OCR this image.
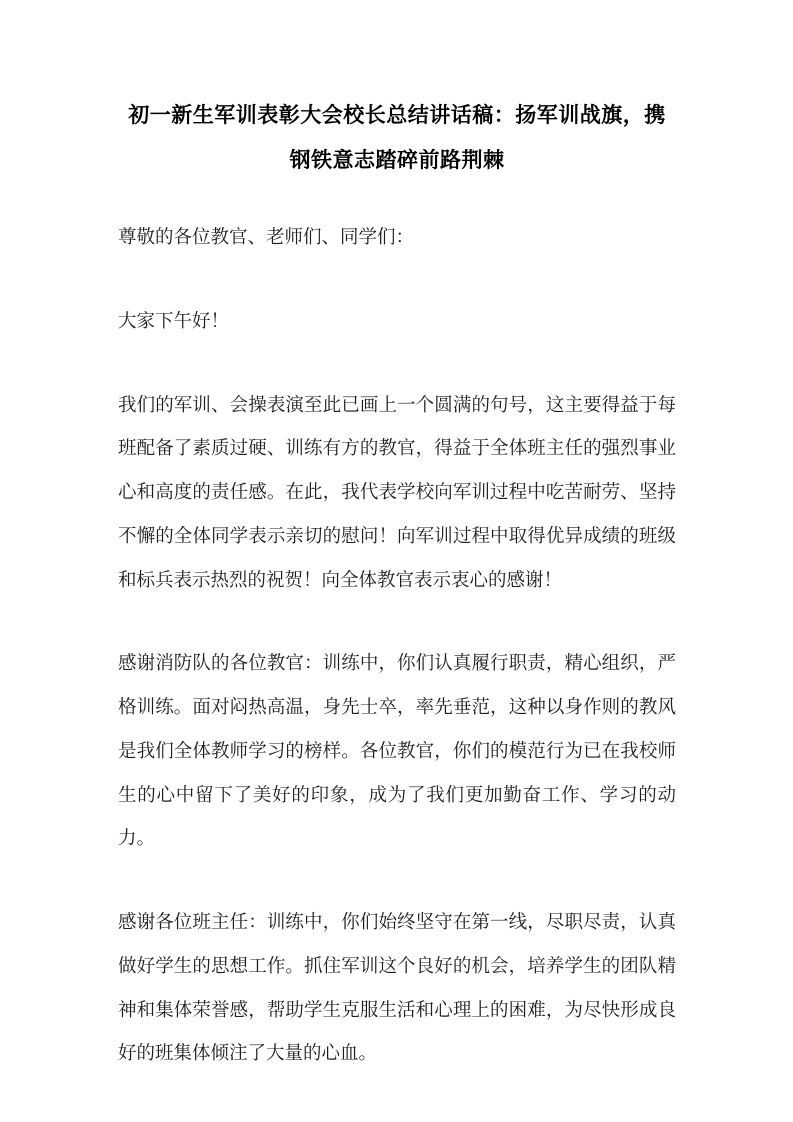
初一新生军训表彰大会校长总结讲话稿：扬军训战旗，携钢铁意志踏碎前路荆棘

尊敬的各位教官、老师们、同学们：

大家下午好！

我们的军训、会操表演至此已画上一个圆满的句号，这主要得益于每班配备了素质过硬、训练有方的教官，得益于全体班主任的强烈事业心和高度的责任感。在此，我代表学校向军训过程中吃苦耐劳、坚持不懈的全体同学表示亲切的慰问！向军训过程中取得优异成绩的班级和标兵表示热烈的祝贺！向全体教官表示衷心的感谢！

感谢消防队的各位教官：训练中，你们认真履行职责，精心组织，严格训练。面对闷热高温，身先士卒，率先垂范，这种以身作则的教风是我们全体教师学习的榜样。各位教官，你们的模范行为已在我校师生的心中留下了美好的印象，成为了我们更加勤奋工作、学习的动力。

感谢各位班主任：训练中，你们始终坚守在第一线，尽职尽责，认真做好学生的思想工作。抓住军训这个良好的机会，培养学生的团队精神和集体荣誉感，帮助学生克服生活和心理上的困难，为尽快形成良好的班集体倾注了大量的心血。
